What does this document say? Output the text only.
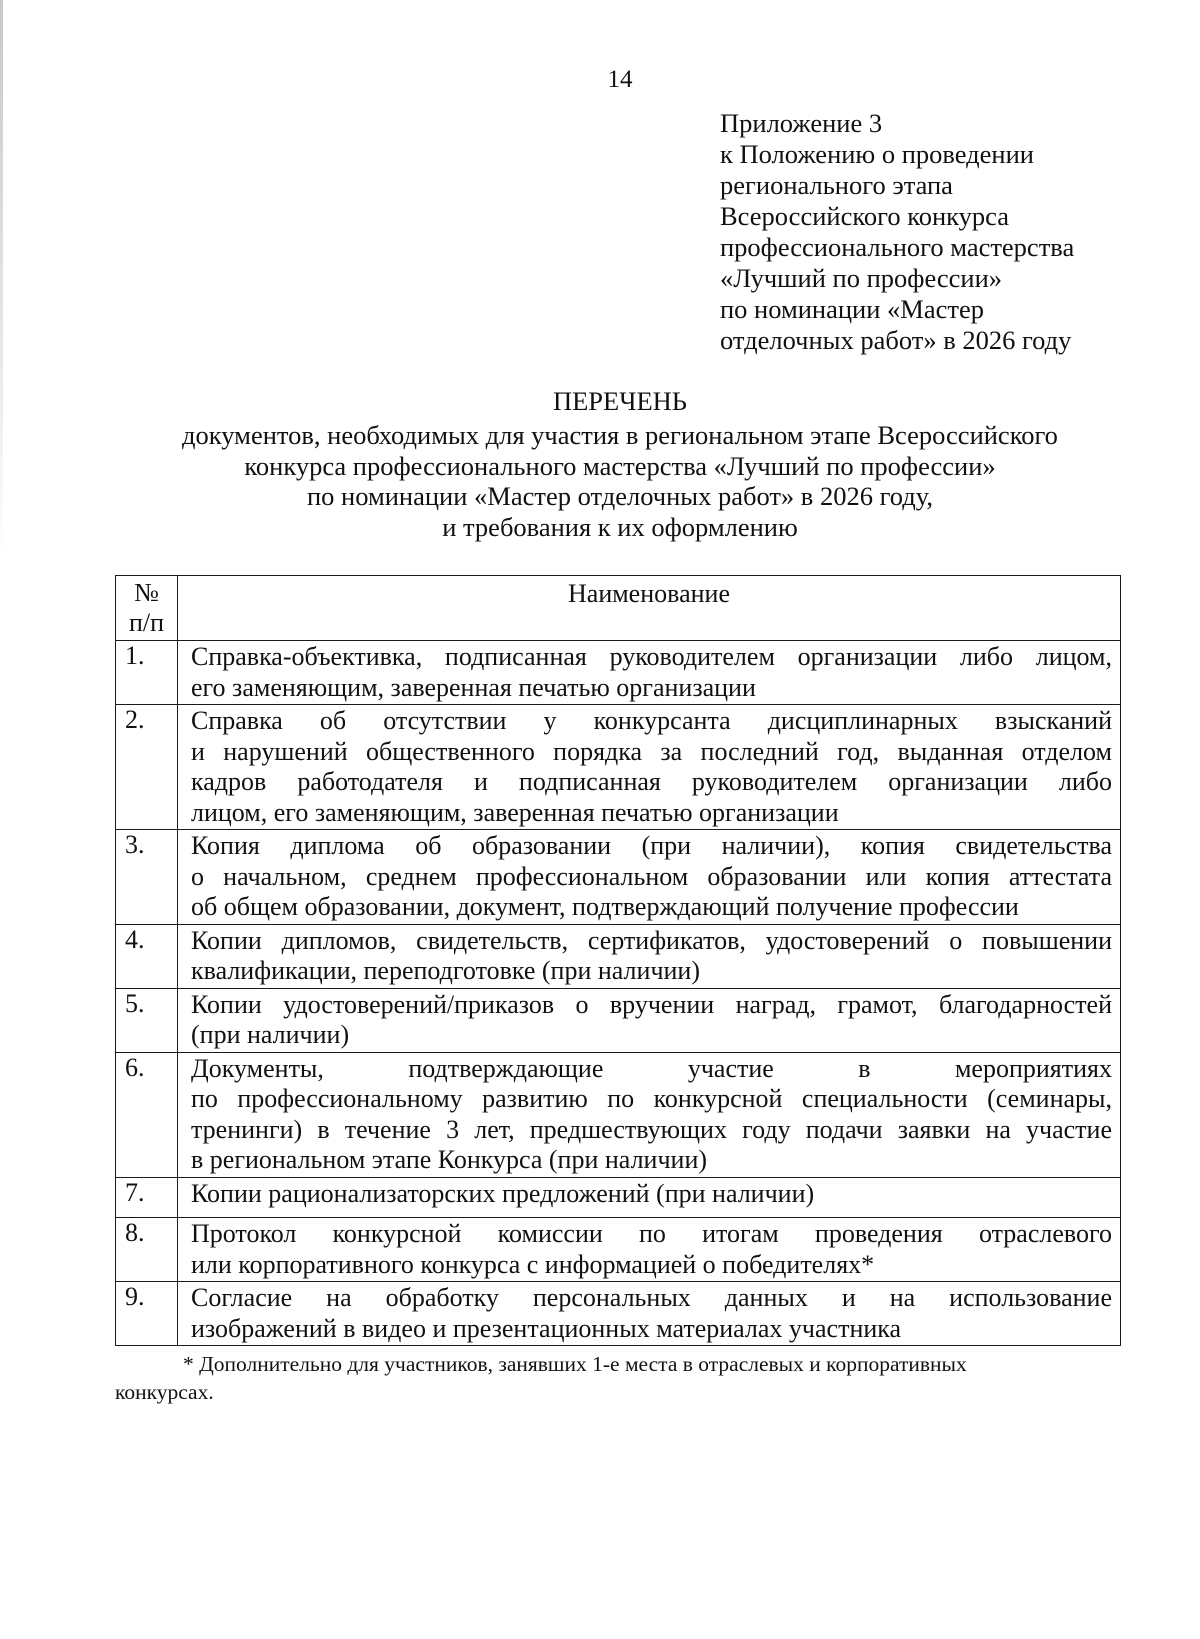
14
Приложение 3
к Положению о проведении
регионального этапа
Всероссийского конкурса
профессионального мастерства
«Лучший по профессии»
по номинации «Мастер
отделочных работ» в 2026 году
ПЕРЕЧЕНЬ
документов, необходимых для участия в региональном этапе Всероссийского
конкурса профессионального мастерства «Лучший по профессии»
по номинации «Мастер отделочных работ» в 2026 году,
и требования к их оформлению
№
п/п	Наименование
1.	Справка-объективка, подписанная руководителем организации либо лицом,
его заменяющим, заверенная печатью организации

2.	Справка об отсутствии у конкурсанта дисциплинарных взысканий
и нарушений общественного порядка за последний год, выданная отделом
кадров работодателя и подписанная руководителем организации либо
лицом, его заменяющим, заверенная печатью организации

3.	Копия диплома об образовании (при наличии), копия свидетельства
о начальном, среднем профессиональном образовании или копия аттестата
об общем образовании, документ, подтверждающий получение профессии

4.	Копии дипломов, свидетельств, сертификатов, удостоверений о повышении
квалификации, переподготовке (при наличии)

5.	Копии удостоверений/приказов о вручении наград, грамот, благодарностей
(при наличии)

6.	Документы, подтверждающие участие в мероприятиях
по профессиональному развитию по конкурсной специальности (семинары,
тренинги) в течение 3 лет, предшествующих году подачи заявки на участие
в региональном этапе Конкурса (при наличии)

7.	Копии рационализаторских предложений (при наличии)

8.	Протокол конкурсной комиссии по итогам проведения отраслевого
или корпоративного конкурса с информацией о победителях*

9.	Согласие на обработку персональных данных и на использование
изображений в видео и презентационных материалах участника
* Дополнительно для участников, занявших 1-е места в отраслевых и корпоративных
конкурсах.
